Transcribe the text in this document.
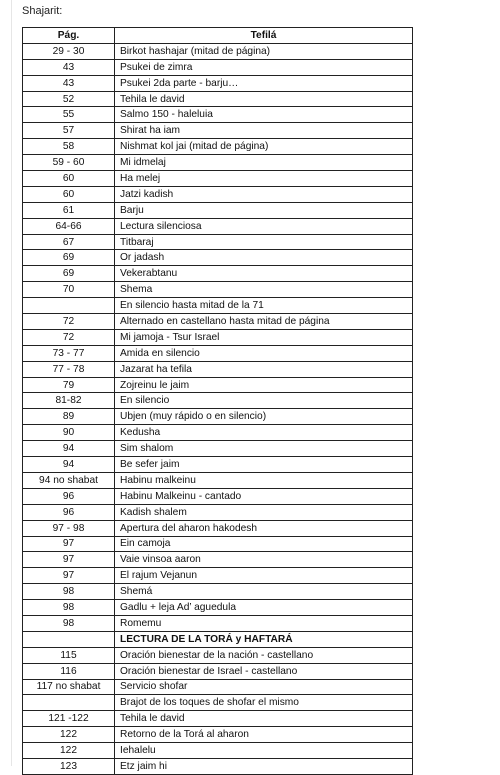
Shajarit:
Pág.	Tefilá
29 - 30	Birkot hashajar (mitad de página)
43	Psukei de zimra
43	Psukei 2da parte - barju…
52	Tehila le david
55	Salmo 150 - haleluia
57	Shirat ha iam
58	Nishmat kol jai (mitad de página)
59 - 60	Mi idmelaj
60	Ha melej
60	Jatzi kadish
61	Barju
64-66	Lectura silenciosa
67	Titbaraj
69	Or jadash
69	Vekerabtanu
70	Shema
	En silencio hasta mitad de la 71
72	Alternado en castellano hasta mitad de página
72	Mi jamoja - Tsur Israel
73 - 77	Amida en silencio
77 - 78	Jazarat ha tefila
79	Zojreinu le jaim
81-82	En silencio
89	Ubjen (muy rápido o en silencio)
90	Kedusha
94	Sim shalom
94	Be sefer jaim
94 no shabat	Habinu malkeinu
96	Habinu Malkeinu - cantado
96	Kadish shalem
97 - 98	Apertura del aharon hakodesh
97	Ein camoja
97	Vaie vinsoa aaron
97	El rajum Vejanun
98	Shemá
98	Gadlu + leja Ad’ aguedula
98	Romemu
	LECTURA DE LA TORÁ y HAFTARÁ
115	Oración bienestar de la nación - castellano
116	Oración bienestar de Israel - castellano
117 no shabat	Servicio shofar
	Brajot de los toques de shofar el mismo
121 -122	Tehila le david
122	Retorno de la Torá al aharon
122	Iehalelu
123	Etz jaim hi
